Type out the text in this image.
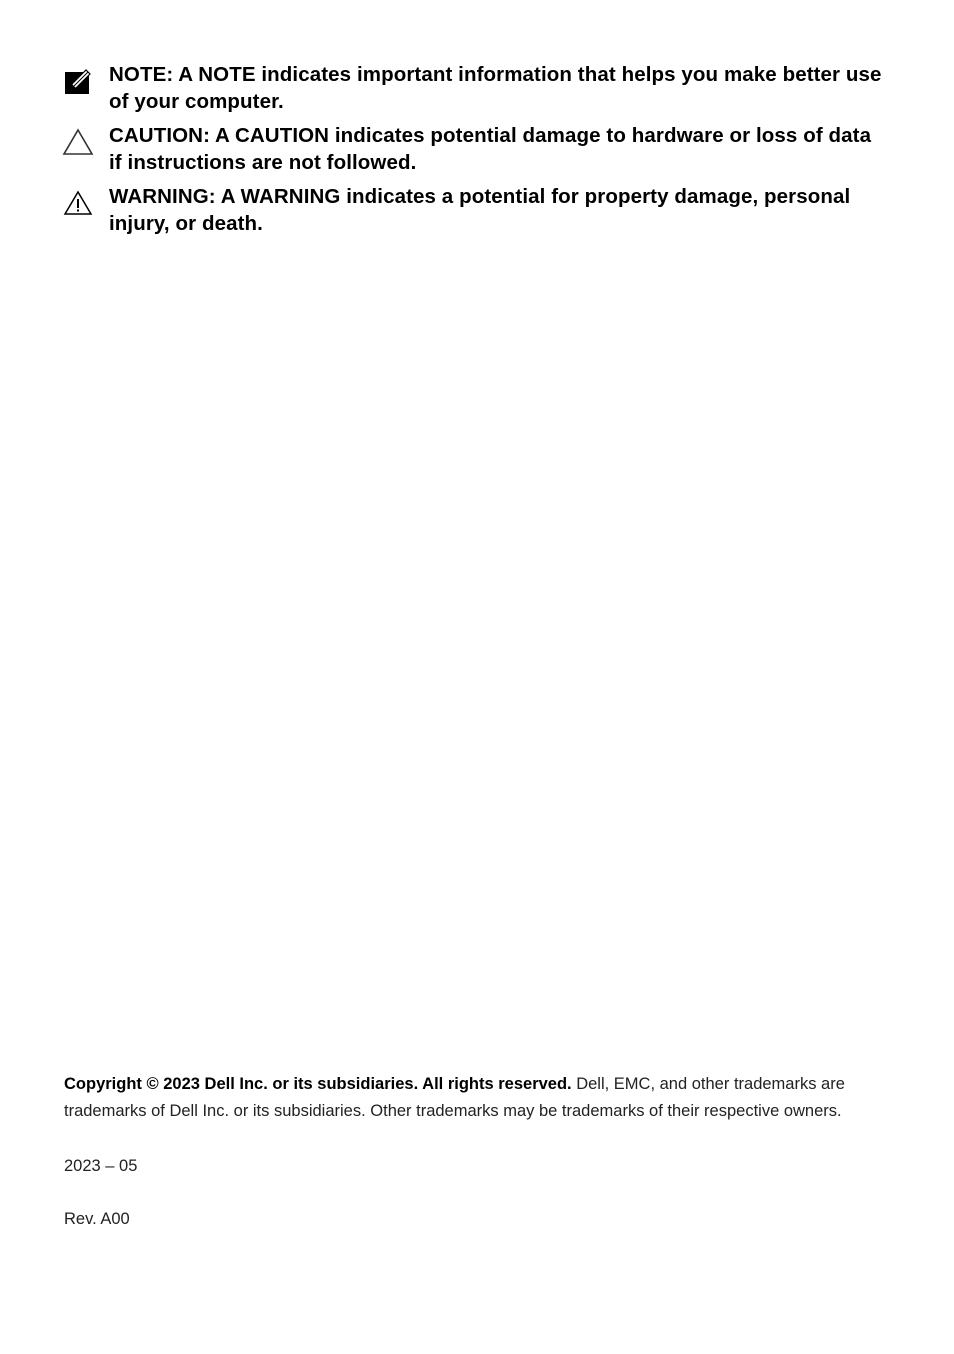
NOTE: A NOTE indicates important information that helps you make better use of your computer.
CAUTION: A CAUTION indicates potential damage to hardware or loss of data if instructions are not followed.
WARNING: A WARNING indicates a potential for property damage, personal injury, or death.

Copyright © 2023 Dell Inc. or its subsidiaries. All rights reserved. Dell, EMC, and other trademarks are trademarks of Dell Inc. or its subsidiaries. Other trademarks may be trademarks of their respective owners.

2023 – 05
Rev. A00
